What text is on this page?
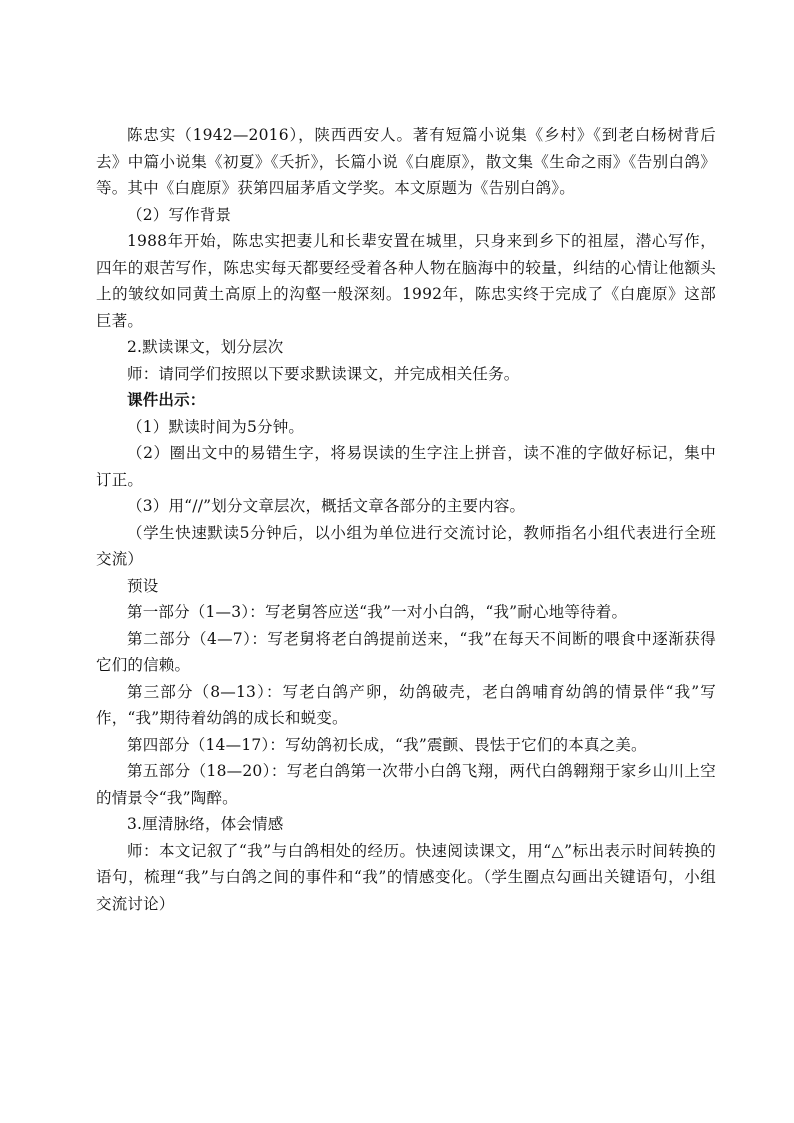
陈忠实（1942—2016），陕西西安人。著有短篇小说集《乡村》《到老白杨树背后去》中篇小说集《初夏》《夭折》，长篇小说《白鹿原》，散文集《生命之雨》《告别白鸽》等。其中《白鹿原》获第四届茅盾文学奖。本文原题为《告别白鸽》。

（2）写作背景

1988年开始，陈忠实把妻儿和长辈安置在城里，只身来到乡下的祖屋，潜心写作，四年的艰苦写作，陈忠实每天都要经受着各种人物在脑海中的较量，纠结的心情让他额头上的皱纹如同黄土高原上的沟壑一般深刻。1992年，陈忠实终于完成了《白鹿原》这部巨著。

2.默读课文，划分层次

师：请同学们按照以下要求默读课文，并完成相关任务。

课件出示：

（1）默读时间为5分钟。

（2）圈出文中的易错生字，将易误读的生字注上拼音，读不准的字做好标记，集中订正。

（3）用“//”划分文章层次，概括文章各部分的主要内容。

（学生快速默读5分钟后，以小组为单位进行交流讨论，教师指名小组代表进行全班交流）

预设

第一部分（1—3）：写老舅答应送“我”一对小白鸽，“我”耐心地等待着。

第二部分（4—7）：写老舅将老白鸽提前送来，“我”在每天不间断的喂食中逐渐获得它们的信赖。

第三部分（8—13）：写老白鸽产卵，幼鸽破壳，老白鸽哺育幼鸽的情景伴“我”写作，“我”期待着幼鸽的成长和蜕变。

第四部分（14—17）：写幼鸽初长成，“我”震颤、畏怯于它们的本真之美。

第五部分（18—20）：写老白鸽第一次带小白鸽飞翔，两代白鸽翱翔于家乡山川上空的情景令“我”陶醉。

3.厘清脉络，体会情感

师：本文记叙了“我”与白鸽相处的经历。快速阅读课文，用“△”标出表示时间转换的语句，梳理“我”与白鸽之间的事件和“我”的情感变化。（学生圈点勾画出关键语句，小组交流讨论）
